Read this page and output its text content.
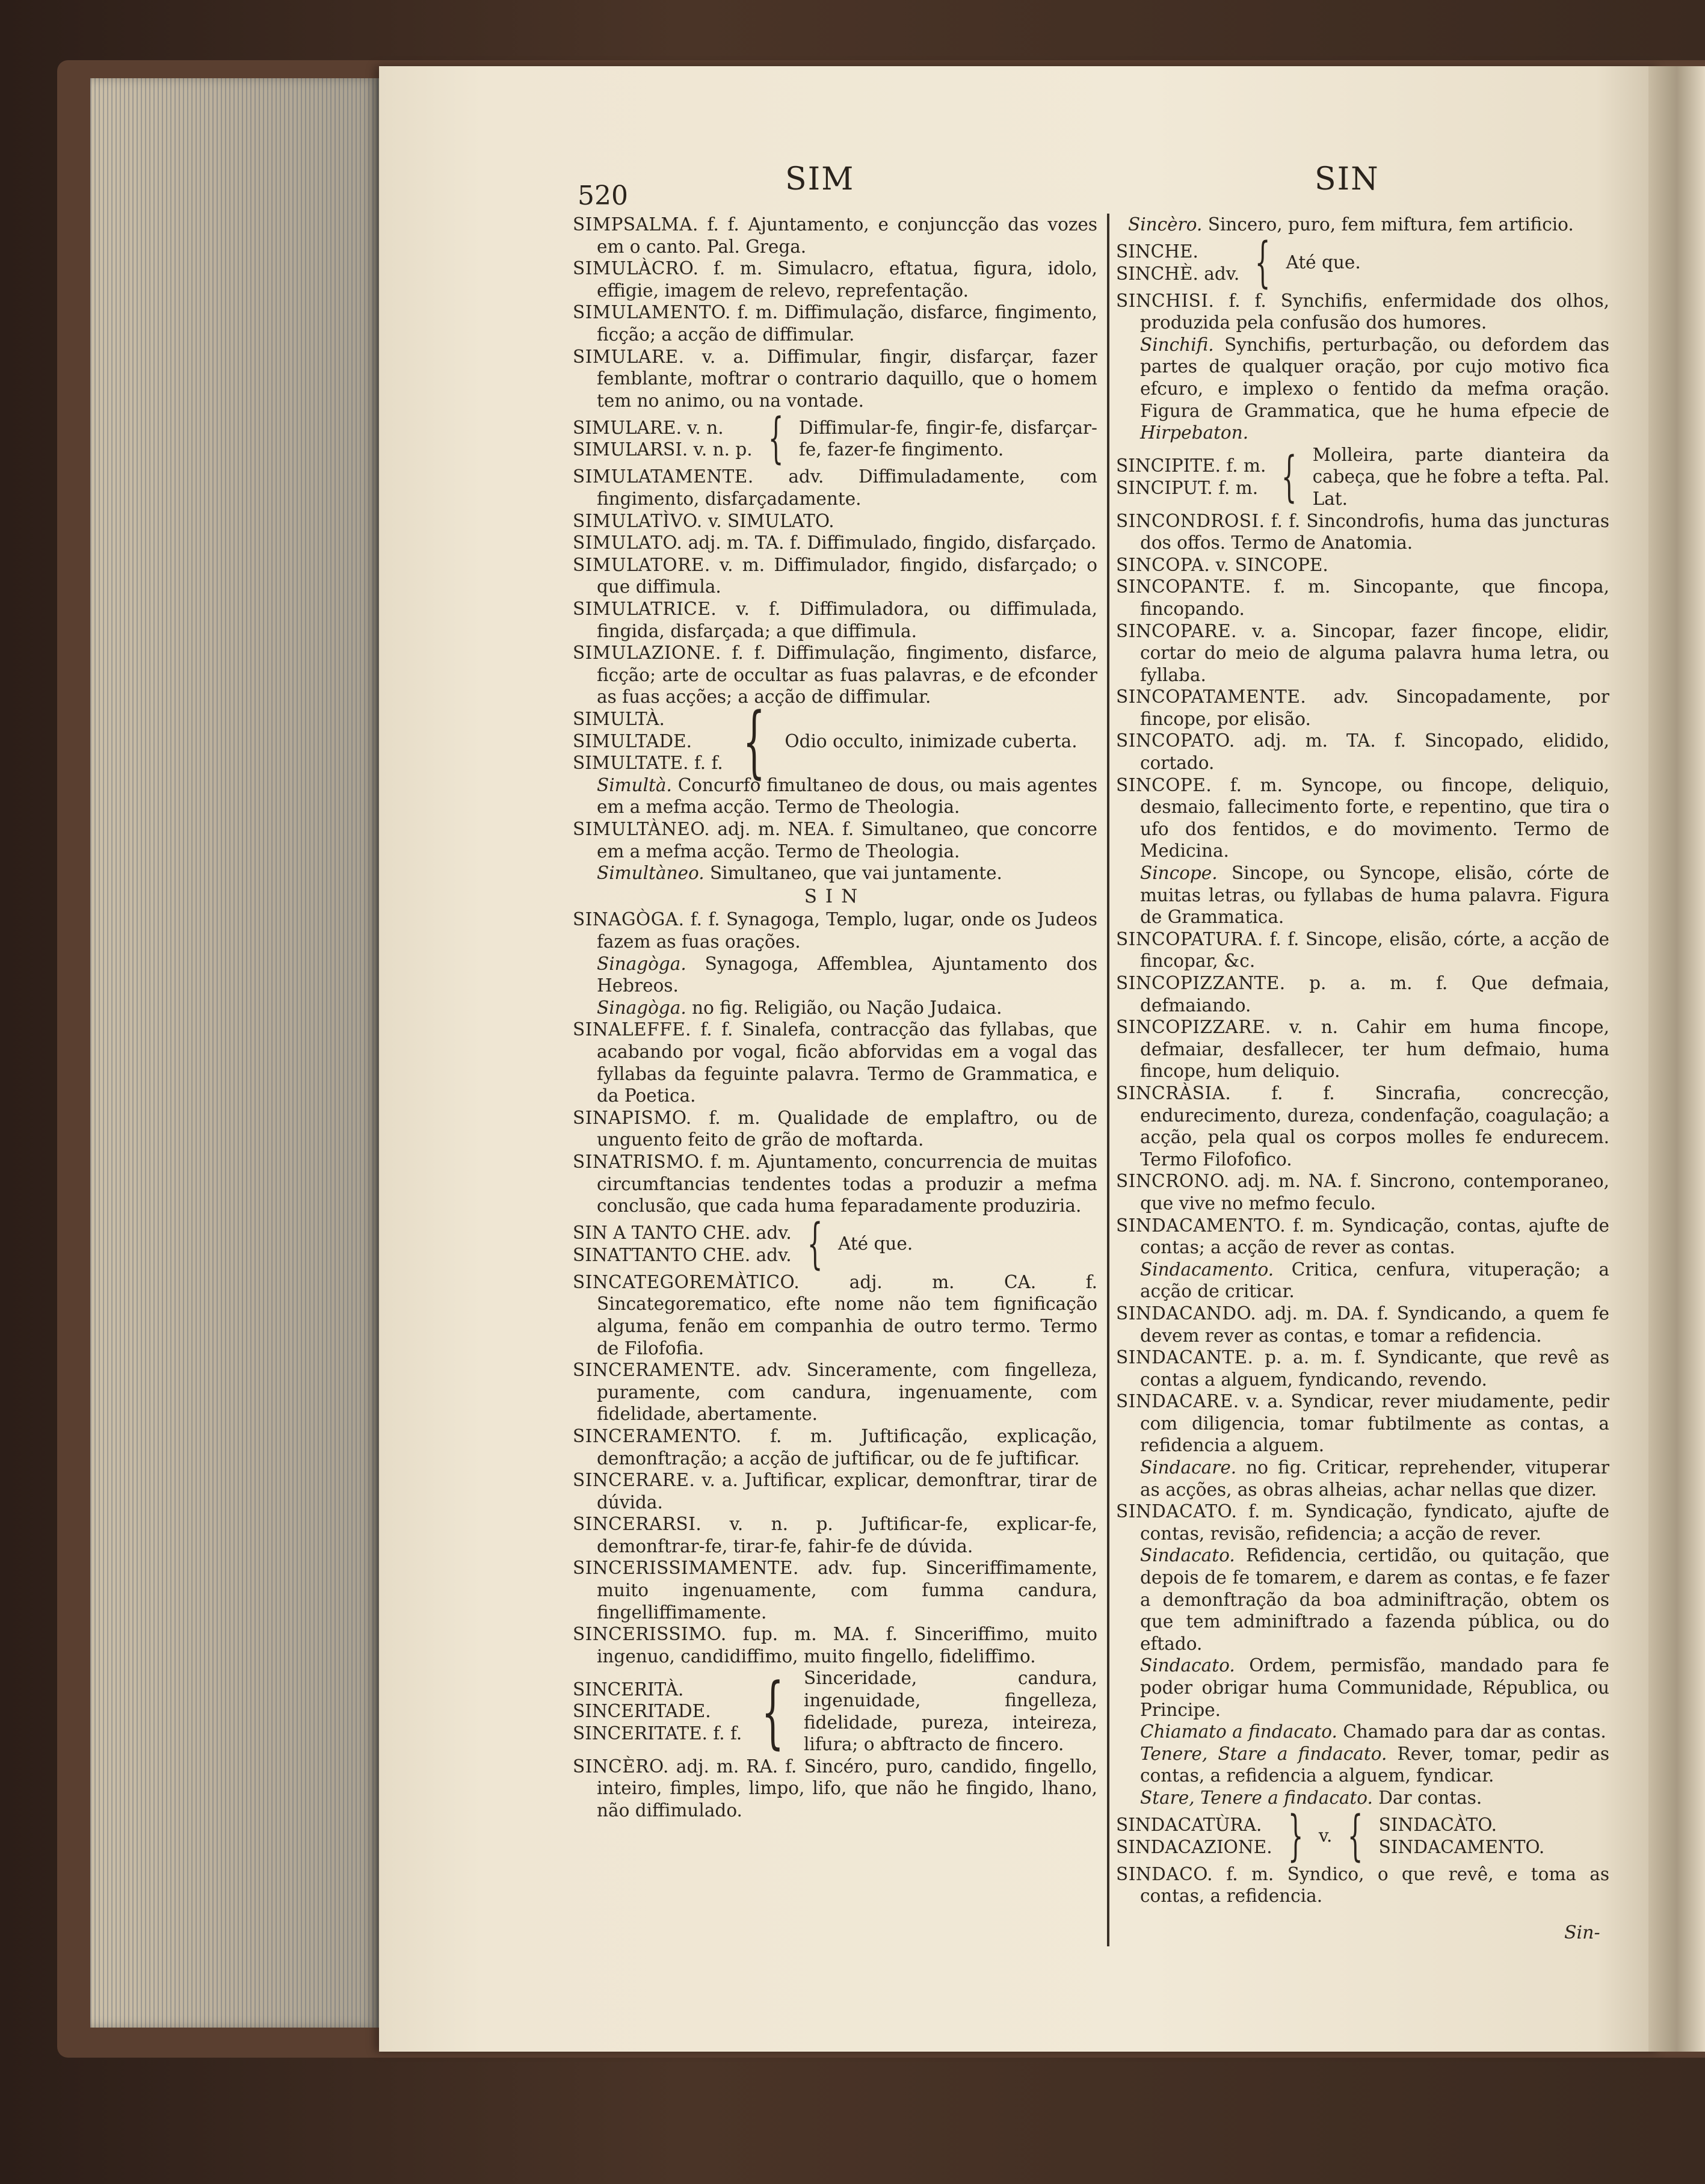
520	SIM	SIN
SIMPSALMA. f. f. Ajuntamento, e conjuncção das vozes em o canto. Pal. Grega.
SIMULÀCRO. f. m. Simulacro, eftatua, figura, idolo, effigie, imagem de relevo, reprefentação.
SIMULAMENTO. f. m. Diffimulação, disfarce, fingimento, ficção; a acção de diffimular.
SIMULARE. v. a. Diffimular, fingir, disfarçar, fazer femblante, moftrar o contrario daquillo, que o homem tem no animo, ou na vontade.
SIMULARE. v. n.
SIMULARSI. v. n. p. { Diffimular-fe, fingir-fe, disfarçar-fe, fazer-fe fingimento.
SIMULATAMENTE. adv. Diffimuladamente, com fingimento, disfarçadamente.
SIMULATÌVO. v. SIMULATO.
SIMULATO. adj. m. TA. f. Diffimulado, fingido, disfarçado.
SIMULATORE. v. m. Diffimulador, fingido, disfarçado; o que diffimula.
SIMULATRICE. v. f. Diffimuladora, ou diffimulada, fingida, disfarçada; a que diffimula.
SIMULAZIONE. f. f. Diffimulação, fingimento, disfarce, ficção; arte de occultar as fuas palavras, e de efconder as fuas acções; a acção de diffimular.
SIMULTÀ.
SIMULTADE.
SIMULTATE. f. f. { Odio occulto, inimizade cuberta.
Simultà. Concurfo fimultaneo de dous, ou mais agentes em a mefma acção. Termo de Theologia.
SIMULTÀNEO. adj. m. NEA. f. Simultaneo, que concorre em a mefma acção. Termo de Theologia.
Simultàneo. Simultaneo, que vai juntamente.
SIN
SINAGÒGA. f. f. Synagoga, Templo, lugar, onde os Judeos fazem as fuas orações.
Sinagòga. Synagoga, Affemblea, Ajuntamento dos Hebreos.
Sinagòga. no fig. Religião, ou Nação Judaica.
SINALEFFE. f. f. Sinalefa, contracção das fyllabas, que acabando por vogal, ficão abforvidas em a vogal das fyllabas da feguinte palavra. Termo de Grammatica, e da Poetica.
SINAPISMO. f. m. Qualidade de emplaftro, ou de unguento feito de grão de moftarda.
SINATRISMO. f. m. Ajuntamento, concurrencia de muitas circumftancias tendentes todas a produzir a mefma conclusão, que cada huma feparadamente produziria.
SIN A TANTO CHE. adv.
SINATTANTO CHE. adv. { Até que.
SINCATEGOREMÀTICO. adj. m. CA. f. Sincategorematico, efte nome não tem fignificação alguma, fenão em companhia de outro termo. Termo de Filofofia.
SINCERAMENTE. adv. Sinceramente, com fingelleza, puramente, com candura, ingenuamente, com fidelidade, abertamente.
SINCERAMENTO. f. m. Juftificação, explicação, demonftração; a acção de juftificar, ou de fe juftificar.
SINCERARE. v. a. Juftificar, explicar, demonftrar, tirar de dúvida.
SINCERARSI. v. n. p. Juftificar-fe, explicar-fe, demonftrar-fe, tirar-fe, fahir-fe de dúvida.
SINCERISSIMAMENTE. adv. fup. Sinceriffimamente, muito ingenuamente, com fumma candura, fingelliffimamente.
SINCERISSIMO. fup. m. MA. f. Sinceriffimo, muito ingenuo, candidiffimo, muito fingello, fideliffimo.
SINCERITÀ.
SINCERITADE.
SINCERITATE. f. f. { Sinceridade, candura, ingenuidade, fingelleza, fidelidade, pureza, inteireza, lifura; o abftracto de fincero.
SINCÈRO. adj. m. RA. f. Sincéro, puro, candido, fingello, inteiro, fimples, limpo, lifo, que não he fingido, lhano, não diffimulado.
Sincèro. Sincero, puro, fem miftura, fem artificio.
SINCHE.
SINCHÈ. adv. { Até que.
SINCHISI. f. f. Synchifis, enfermidade dos olhos, produzida pela confusão dos humores.
Sinchifi. Synchifis, perturbação, ou defordem das partes de qualquer oração, por cujo motivo fica efcuro, e implexo o fentido da mefma oração. Figura de Grammatica, que he huma efpecie de Hirpebaton.
SINCIPITE. f. m.
SINCIPUT. f. m. { Molleira, parte dianteira da cabeça, que he fobre a tefta. Pal. Lat.
SINCONDROSI. f. f. Sincondrofis, huma das juncturas dos offos. Termo de Anatomia.
SINCOPA. v. SINCOPE.
SINCOPANTE. f. m. Sincopante, que fincopa, fincopando.
SINCOPARE. v. a. Sincopar, fazer fincope, elidir, cortar do meio de alguma palavra huma letra, ou fyllaba.
SINCOPATAMENTE. adv. Sincopadamente, por fincope, por elisão.
SINCOPATO. adj. m. TA. f. Sincopado, elidido, cortado.
SINCOPE. f. m. Syncope, ou fincope, deliquio, desmaio, fallecimento forte, e repentino, que tira o ufo dos fentidos, e do movimento. Termo de Medicina.
Sincope. Sincope, ou Syncope, elisão, córte de muitas letras, ou fyllabas de huma palavra. Figura de Grammatica.
SINCOPATURA. f. f. Sincope, elisão, córte, a acção de fincopar, &c.
SINCOPIZZANTE. p. a. m. f. Que defmaia, defmaiando.
SINCOPIZZARE. v. n. Cahir em huma fincope, defmaiar, desfallecer, ter hum defmaio, huma fincope, hum deliquio.
SINCRÀSIA. f. f. Sincrafia, concrecção, endurecimento, dureza, condenfação, coagulação; a acção, pela qual os corpos molles fe endurecem. Termo Filofofico.
SINCRONO. adj. m. NA. f. Sincrono, contemporaneo, que vive no mefmo feculo.
SINDACAMENTO. f. m. Syndicação, contas, ajufte de contas; a acção de rever as contas.
Sindacamento. Critica, cenfura, vituperação; a acção de criticar.
SINDACANDO. adj. m. DA. f. Syndicando, a quem fe devem rever as contas, e tomar a refidencia.
SINDACANTE. p. a. m. f. Syndicante, que revê as contas a alguem, fyndicando, revendo.
SINDACARE. v. a. Syndicar, rever miudamente, pedir com diligencia, tomar fubtilmente as contas, a refidencia a alguem.
Sindacare. no fig. Criticar, reprehender, vituperar as acções, as obras alheias, achar nellas que dizer.
SINDACATO. f. m. Syndicação, fyndicato, ajufte de contas, revisão, refidencia; a acção de rever.
Sindacato. Refidencia, certidão, ou quitação, que depois de fe tomarem, e darem as contas, e fe fazer a demonftração da boa adminiftração, obtem os que tem adminiftrado a fazenda pública, ou do eftado.
Sindacato. Ordem, permisfão, mandado para fe poder obrigar huma Communidade, Républica, ou Principe.
Chiamato a findacato. Chamado para dar as contas.
Tenere, Stare a findacato. Rever, tomar, pedir as contas, a refidencia a alguem, fyndicar.
Stare, Tenere a findacato. Dar contas.
SINDACATÙRA.
SINDACAZIONE. } v. { SINDACÀTO.
SINDACAMENTO.
SINDACO. f. m. Syndico, o que revê, e toma as contas, a refidencia.
Sin-
